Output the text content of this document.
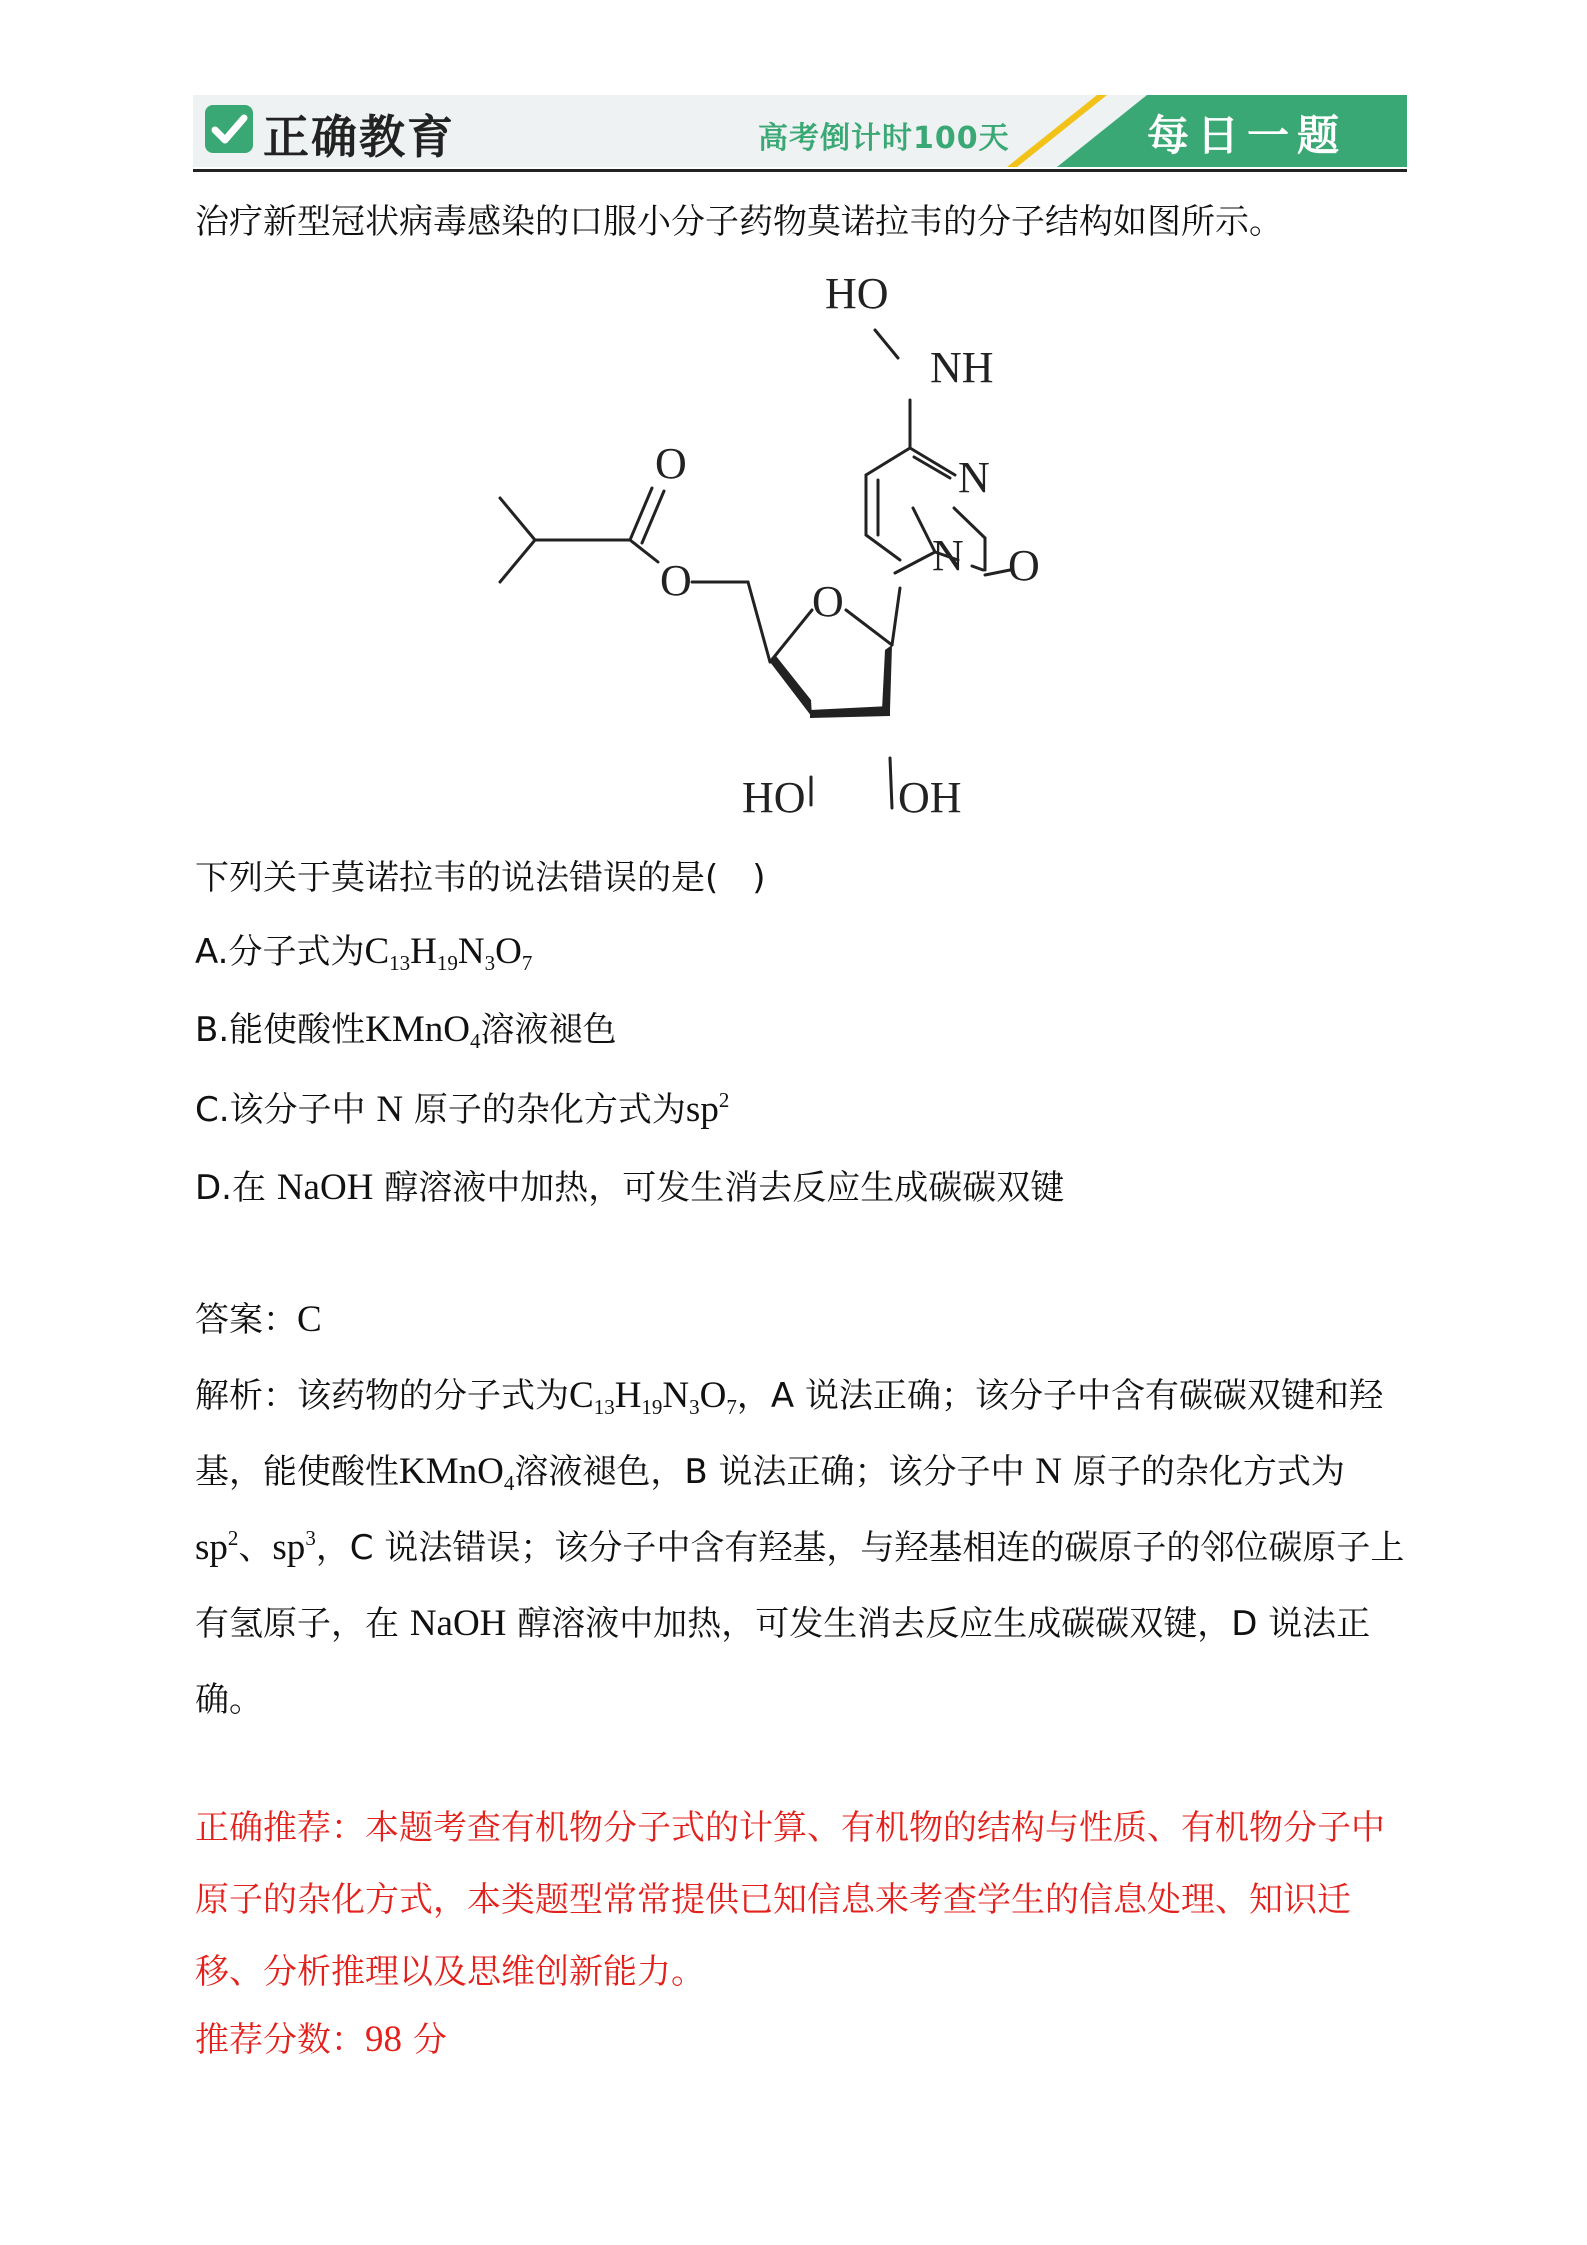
正确教育	高考倒计时100天	每日一题
治疗新型冠状病毒感染的口服小分子药物莫诺拉韦的分子结构如图所示。
HO
NH
O	N
O
O
N
O
HO OH
下列关于莫诺拉韦的说法错误的是(　)
A.分子式为$C_{13}H_{19}N_3O_7$
B.能使酸性KMnO$_4$溶液褪色
C.该分子中 N 原子的杂化方式为$sp^2$
D.在 NaOH 醇溶液中加热，可发生消去反应生成碳碳双键
答案：C
解析：该药物的分子式为$C_{13}H_{19}N_3O_7$，A 说法正确；该分子中含有碳碳双键和羟基，能使酸性KMnO$_4$溶液褪色，B 说法正确；该分子中 N 原子的杂化方式为$sp^2$、$sp^3$，C 说法错误；该分子中含有羟基，与羟基相连的碳原子的邻位碳原子上有氢原子，在 NaOH 醇溶液中加热，可发生消去反应生成碳碳双键，D 说法正确。
正确推荐：本题考查有机物分子式的计算、有机物的结构与性质、有机物分子中原子的杂化方式，本类题型常常提供已知信息来考查学生的信息处理、知识迁移、分析推理以及思维创新能力。
推荐分数：98 分
